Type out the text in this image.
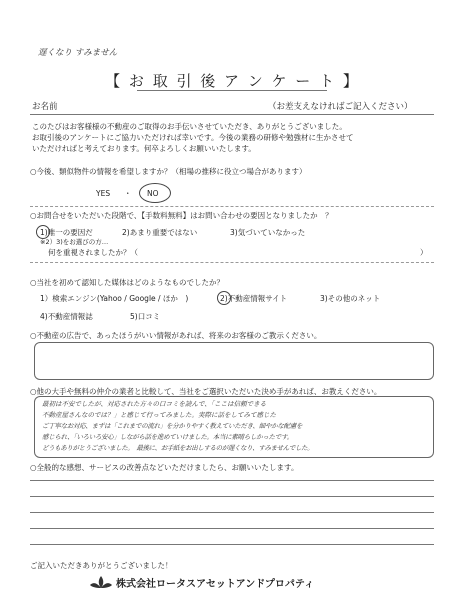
遅くなり すみません
【 お 取 引 後 ア ン ケ ー ト 】
お名前	（お差支えなければご記入ください）
このたびはお客様様の不動産のご取得のお手伝いさせていただき、ありがとうございました。
お取引後のアンケートにご協力いただければ幸いです。今後の業務の研修や勉強材に生かさせて
いただければと考えております。何卒よろしくお願いいたします。
○今後、類似物件の情報を希望しますか？（相場の推移に役立つ場合があります）
YES ・ NO
○お問合せをいただいた段階で、【手数料無料】はお問い合わせの要因となりましたか　？
1)唯一の要因だ	2)あまり重要ではない	3)気づいていなかった
※2）3)をお選びの方…
何を重視されましたか？（	）
○当社を初めて認知した媒体はどのようなものでしたか？
1）検索エンジン(Yahoo / Google / ほか　)	2)不動産情報サイト	3)その他のネット
4)不動産情報誌	5)口コミ
○不動産の広告で、あったほうがいい情報があれば、将来のお客様のご教示ください。
○他の大手や無料の仲介の業者と比較して、当社をご選択いただいた決め手があれば、お教えください。
最初は不安でしたが、対応された方々の口コミを読んで、「ここは信頼できる
不動産屋さんなのでは？」と感じて行ってみました。実際に話をしてみて感じた
ご丁寧なお対応、まずは「これまでの流れ」を分かりやすく教えていただき、細やかな配慮を
感じられ、「いろいろ安心」しながら話を進めていけました。本当に素晴らしかったです。
どうもありがとうございました。　最後に、お手紙をお出しするのが遅くなり、すみませんでした。
○全般的な感想、サービスの改善点などいただけましたら、お願いいたします。
ご記入いただきありがとうございました！
株式会社ロータスアセットアンドプロパティ
